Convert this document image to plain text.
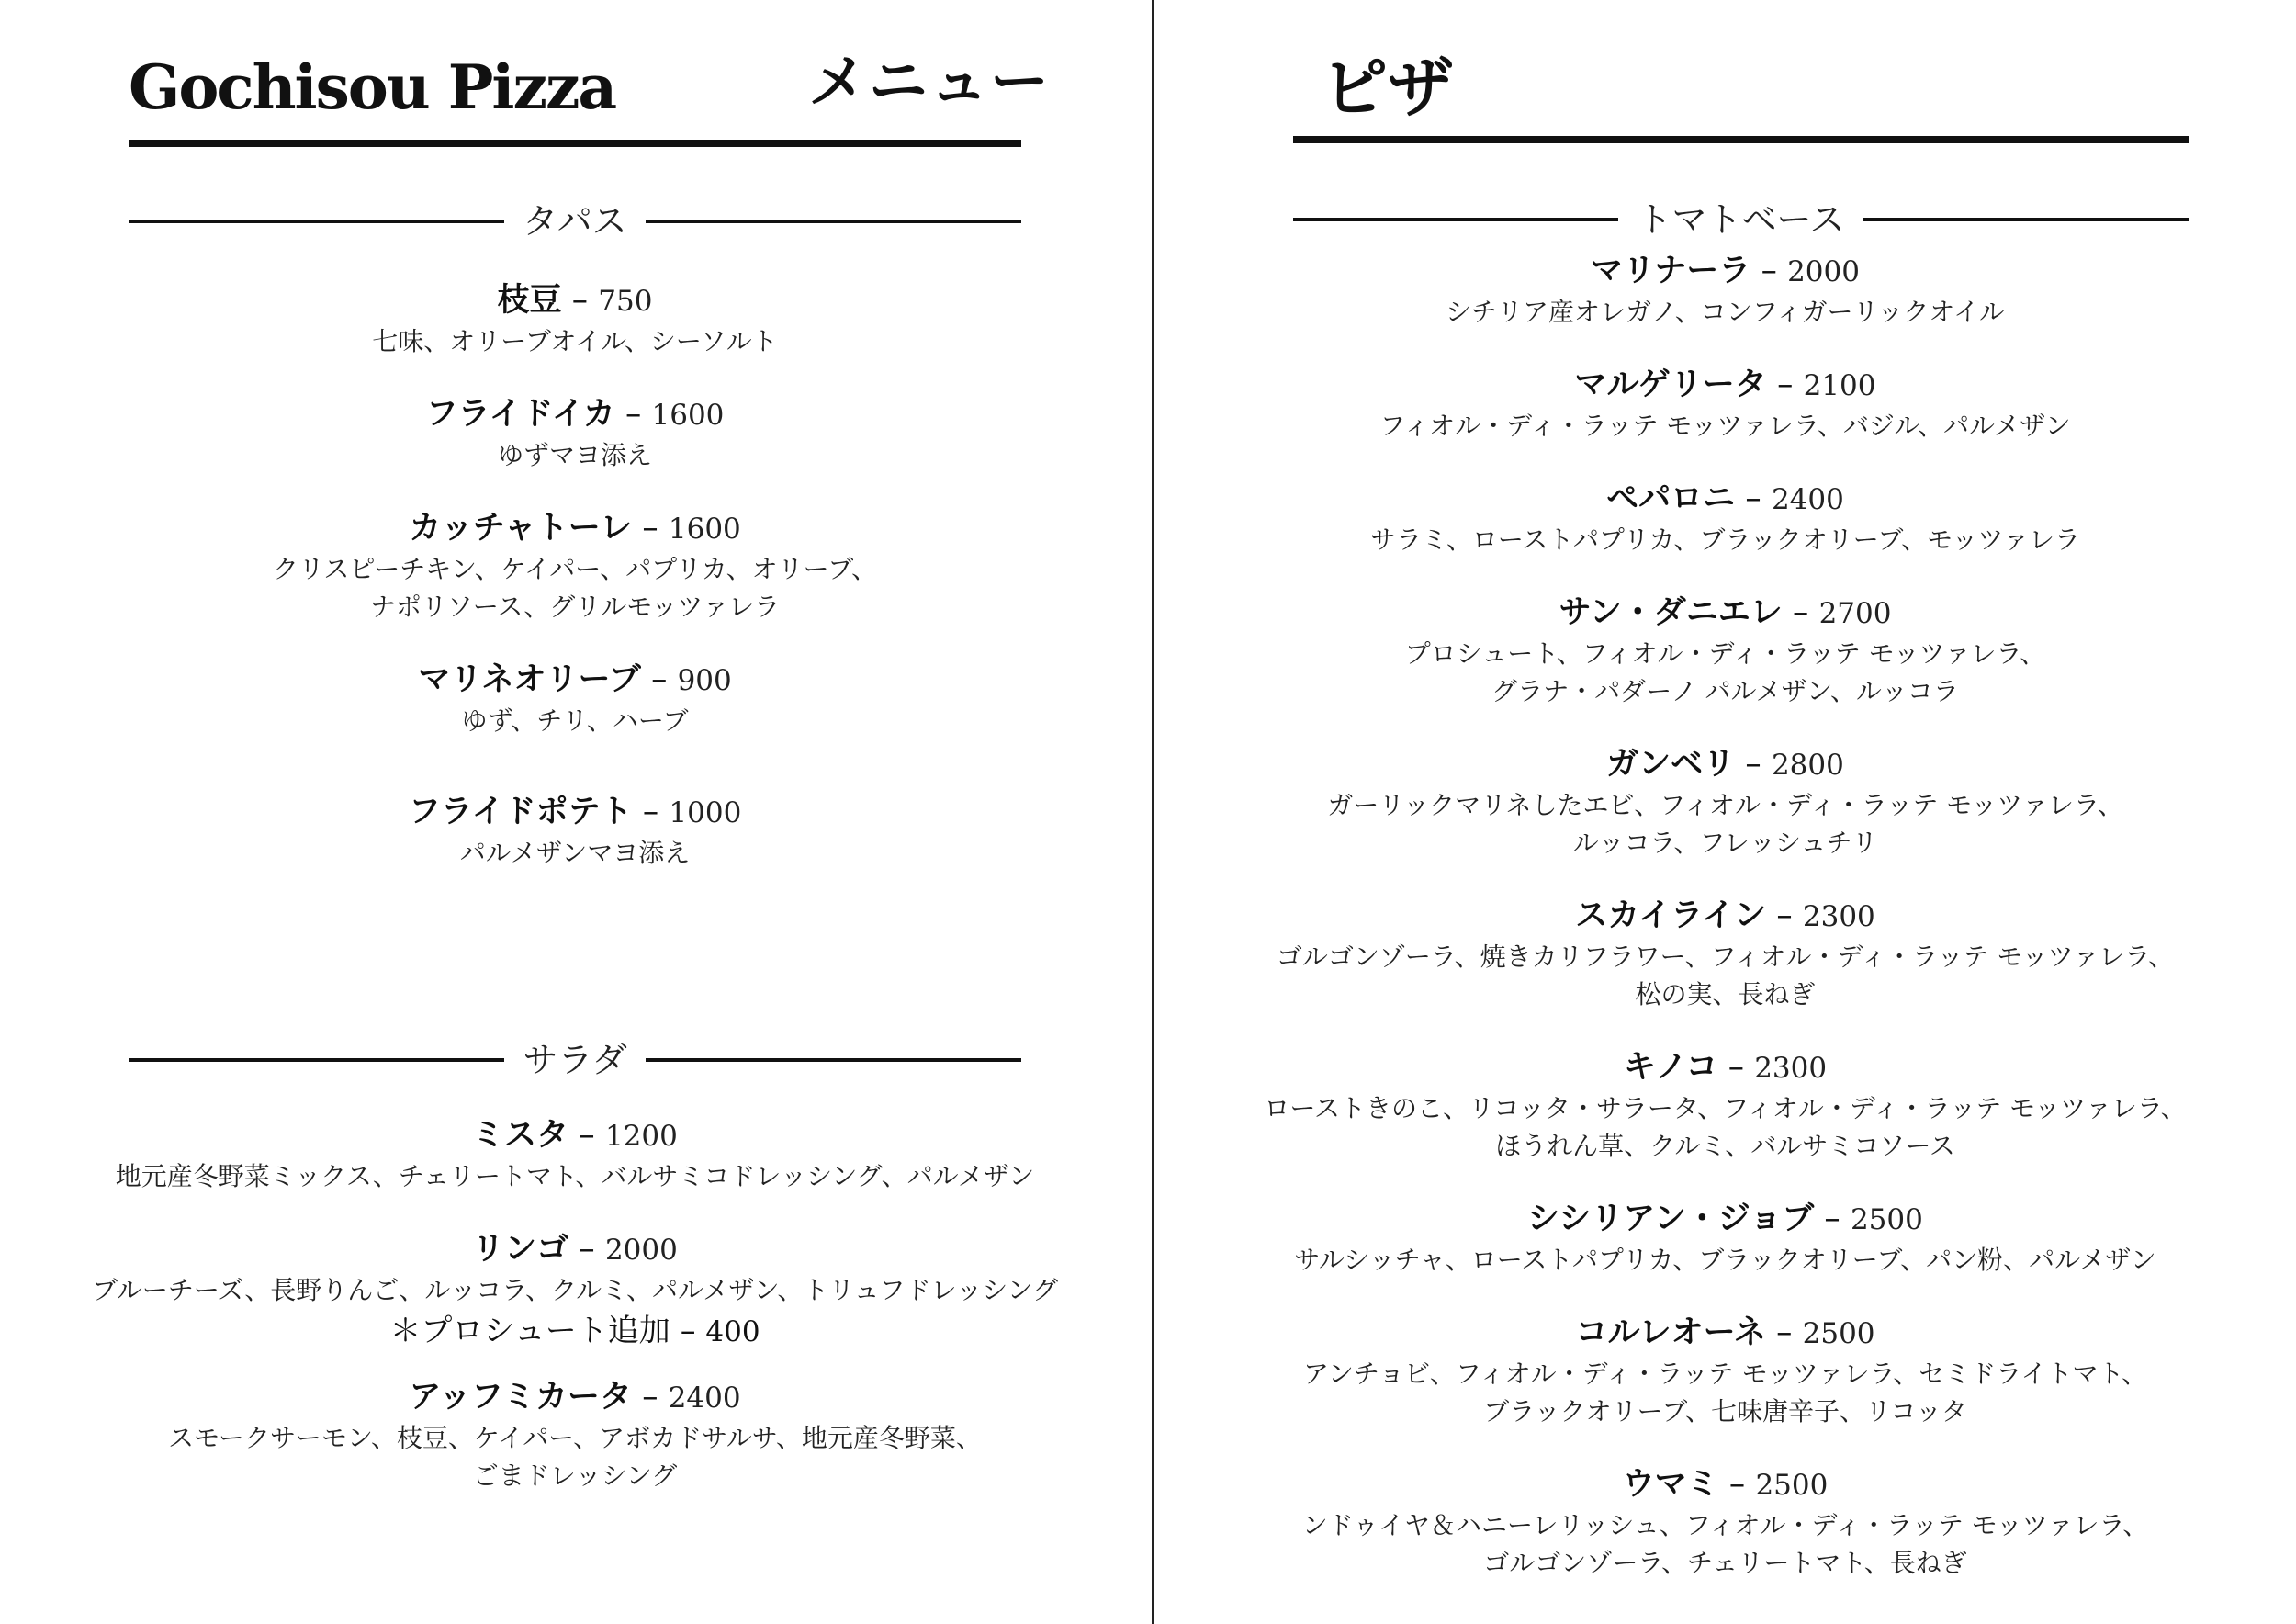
Gochisou Pizza	メニュー
タパス
枝豆 – 750
七味、オリーブオイル、シーソルト
フライドイカ – 1600
ゆずマヨ添え
カッチャトーレ – 1600
クリスピーチキン、ケイパー、パプリカ、オリーブ、
ナポリソース、グリルモッツァレラ
マリネオリーブ – 900
ゆず、チリ、ハーブ
フライドポテト – 1000
パルメザンマヨ添え
サラダ
ミスタ – 1200
地元産冬野菜ミックス、チェリートマト、バルサミコドレッシング、パルメザン
リンゴ – 2000
ブルーチーズ、長野りんご、ルッコラ、クルミ、パルメザン、トリュフドレッシング
＊プロシュート追加 – 400
アッフミカータ – 2400
スモークサーモン、枝豆、ケイパー、アボカドサルサ、地元産冬野菜、
ごまドレッシング
ピザ
トマトベース
マリナーラ – 2000
シチリア産オレガノ、コンフィガーリックオイル
マルゲリータ – 2100
フィオル・ディ・ラッテ モッツァレラ、バジル、パルメザン
ペパロニ – 2400
サラミ、ローストパプリカ、ブラックオリーブ、モッツァレラ
サン・ダニエレ – 2700
プロシュート、フィオル・ディ・ラッテ モッツァレラ、
グラナ・パダーノ パルメザン、ルッコラ
ガンベリ – 2800
ガーリックマリネしたエビ、フィオル・ディ・ラッテ モッツァレラ、
ルッコラ、フレッシュチリ
スカイライン – 2300
ゴルゴンゾーラ、焼きカリフラワー、フィオル・ディ・ラッテ モッツァレラ、
松の実、長ねぎ
キノコ – 2300
ローストきのこ、リコッタ・サラータ、フィオル・ディ・ラッテ モッツァレラ、
ほうれん草、クルミ、バルサミコソース
シシリアン・ジョブ – 2500
サルシッチャ、ローストパプリカ、ブラックオリーブ、パン粉、パルメザン
コルレオーネ – 2500
アンチョビ、フィオル・ディ・ラッテ モッツァレラ、セミドライトマト、
ブラックオリーブ、七味唐辛子、リコッタ
ウマミ – 2500
ンドゥイヤ＆ハニーレリッシュ、フィオル・ディ・ラッテ モッツァレラ、
ゴルゴンゾーラ、チェリートマト、長ねぎ
